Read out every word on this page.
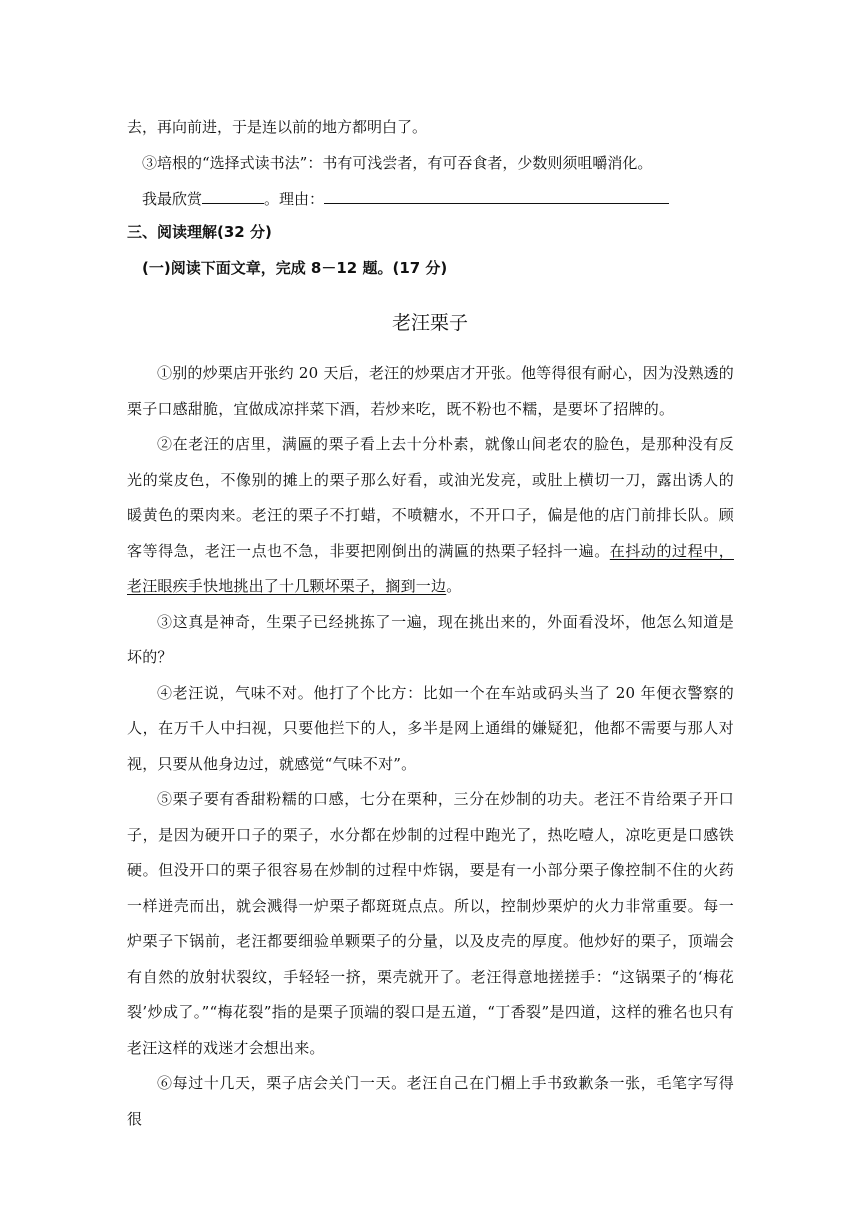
去，再向前进，于是连以前的地方都明白了。
③培根的“选择式读书法”：书有可浅尝者，有可吞食者，少数则须咀嚼消化。
我最欣赏	。理由：
三、阅读理解(32 分)
(一)阅读下面文章，完成 8－12 题。(17 分)
老汪栗子

①别的炒栗店开张约 20 天后，老汪的炒栗店才开张。他等得很有耐心，因为没熟透的栗子口感甜脆，宜做成凉拌菜下酒，若炒来吃，既不粉也不糯，是要坏了招牌的。

②在老汪的店里，满匾的栗子看上去十分朴素，就像山间老农的脸色，是那种没有反光的棠皮色，不像别的摊上的栗子那么好看，或油光发亮，或肚上横切一刀，露出诱人的暖黄色的栗肉来。老汪的栗子不打蜡，不喷糖水，不开口子，偏是他的店门前排长队。顾客等得急，老汪一点也不急，非要把刚倒出的满匾的热栗子轻抖一遍。在抖动的过程中，老汪眼疾手快地挑出了十几颗坏栗子，搁到一边。

③这真是神奇，生栗子已经挑拣了一遍，现在挑出来的，外面看没坏，他怎么知道是坏的？

④老汪说，气味不对。他打了个比方：比如一个在车站或码头当了 20 年便衣警察的人，在万千人中扫视，只要他拦下的人，多半是网上通缉的嫌疑犯，他都不需要与那人对视，只要从他身边过，就感觉“气味不对”。

⑤栗子要有香甜粉糯的口感，七分在栗种，三分在炒制的功夫。老汪不肯给栗子开口子，是因为硬开口子的栗子，水分都在炒制的过程中跑光了，热吃噎人，凉吃更是口感铁硬。但没开口的栗子很容易在炒制的过程中炸锅，要是有一小部分栗子像控制不住的火药一样迸壳而出，就会溅得一炉栗子都斑斑点点。所以，控制炒栗炉的火力非常重要。每一炉栗子下锅前，老汪都要细验单颗栗子的分量，以及皮壳的厚度。他炒好的栗子，顶端会有自然的放射状裂纹，手轻轻一挤，栗壳就开了。老汪得意地搓搓手：“这锅栗子的‘梅花裂’炒成了。”“梅花裂”指的是栗子顶端的裂口是五道，“丁香裂”是四道，这样的雅名也只有老汪这样的戏迷才会想出来。

⑥每过十几天，栗子店会关门一天。老汪自己在门楣上手书致歉条一张，毛笔字写得很
